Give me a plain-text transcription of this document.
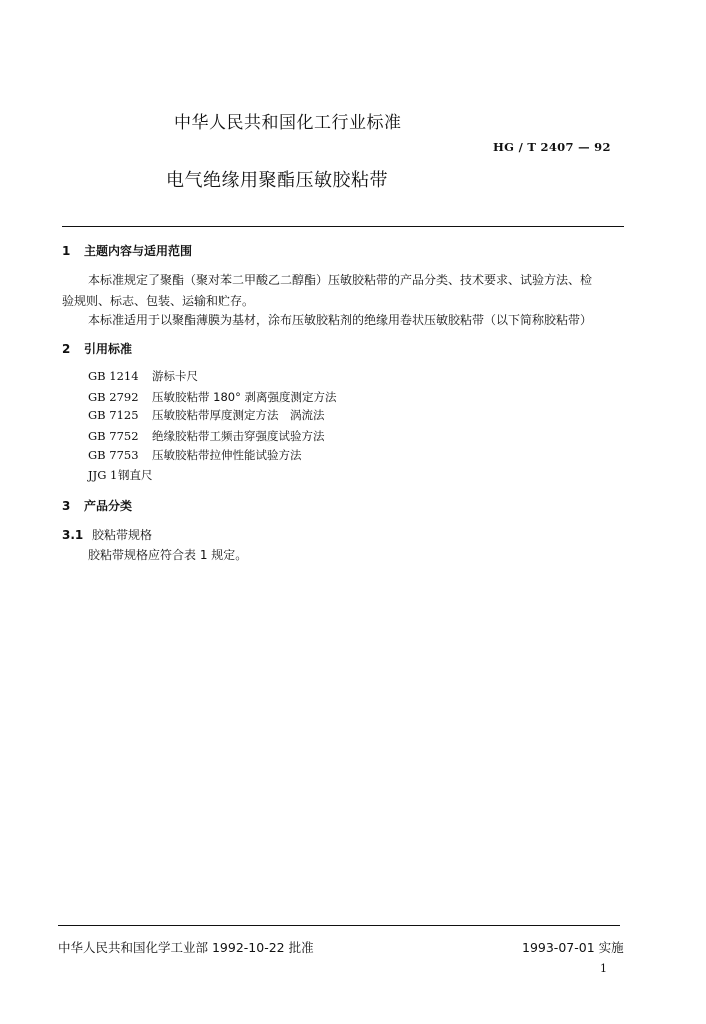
中华人民共和国化工行业标准
HG / T 2407 — 92
电气绝缘用聚酯压敏胶粘带
1 主题内容与适用范围
本标准规定了聚酯（聚对苯二甲酸乙二醇酯）压敏胶粘带的产品分类、技术要求、试验方法、检
验规则、标志、包装、运输和贮存。
本标准适用于以聚酯薄膜为基材，涂布压敏胶粘剂的绝缘用卷状压敏胶粘带（以下简称胶粘带）
2 引用标准
GB 1214 游标卡尺
GB 2792 压敏胶粘带 180° 剥离强度测定方法
GB 7125 压敏胶粘带厚度测定方法　涡流法
GB 7752 绝缘胶粘带工频击穿强度试验方法
GB 7753 压敏胶粘带拉伸性能试验方法
JJG 1钢直尺
3 产品分类
3.1 胶粘带规格
胶粘带规格应符合表 1 规定。
中华人民共和国化学工业部 1992-10-22 批准	1993-07-01 实施
1
